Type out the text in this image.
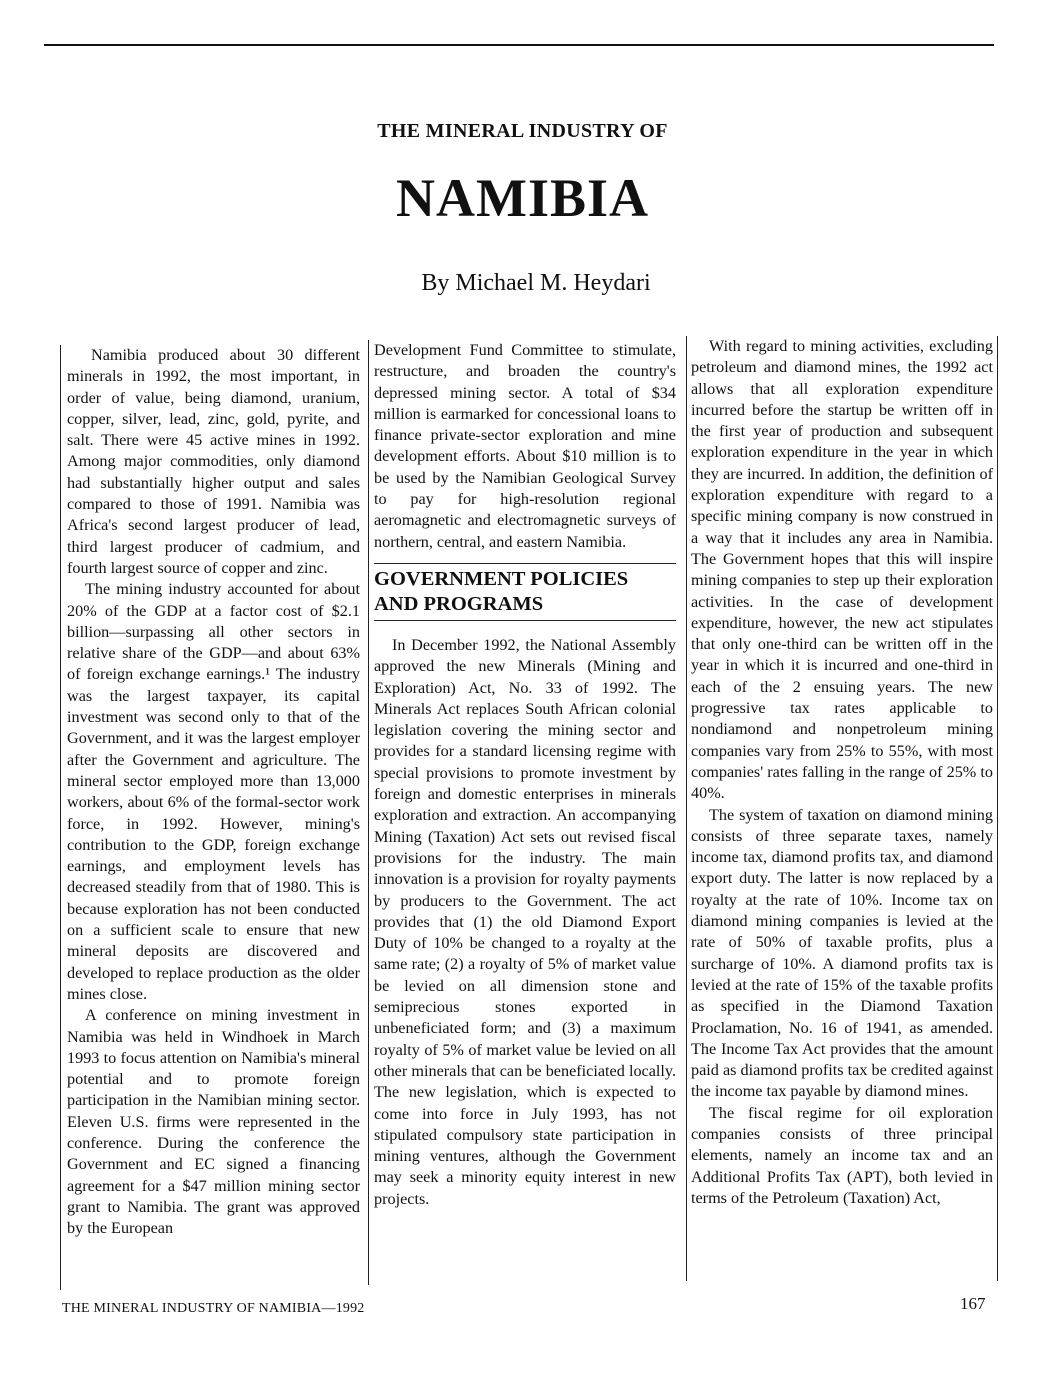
THE MINERAL INDUSTRY OF
NAMIBIA

By Michael M. Heydari

Namibia produced about 30 different minerals in 1992, the most important, in order of value, being diamond, uranium, copper, silver, lead, zinc, gold, pyrite, and salt. There were 45 active mines in 1992. Among major commodities, only diamond had substantially higher output and sales compared to those of 1991. Namibia was Africa's second largest producer of lead, third largest producer of cadmium, and fourth largest source of copper and zinc.

The mining industry accounted for about 20% of the GDP at a factor cost of $2.1 billion—surpassing all other sectors in relative share of the GDP—and about 63% of foreign exchange earnings.¹ The industry was the largest taxpayer, its capital investment was second only to that of the Government, and it was the largest employer after the Government and agriculture. The mineral sector employed more than 13,000 workers, about 6% of the formal-sector work force, in 1992. However, mining's contribution to the GDP, foreign exchange earnings, and employment levels has decreased steadily from that of 1980. This is because exploration has not been conducted on a sufficient scale to ensure that new mineral deposits are discovered and developed to replace production as the older mines close.

A conference on mining investment in Namibia was held in Windhoek in March 1993 to focus attention on Namibia's mineral potential and to promote foreign participation in the Namibian mining sector. Eleven U.S. firms were represented in the conference. During the conference the Government and EC signed a financing agreement for a $47 million mining sector grant to Namibia. The grant was approved by the European

Development Fund Committee to stimulate, restructure, and broaden the country's depressed mining sector. A total of $34 million is earmarked for concessional loans to finance private-sector exploration and mine development efforts. About $10 million is to be used by the Namibian Geological Survey to pay for high-resolution regional aeromagnetic and electromagnetic surveys of northern, central, and eastern Namibia.

GOVERNMENT POLICIES
AND PROGRAMS

In December 1992, the National Assembly approved the new Minerals (Mining and Exploration) Act, No. 33 of 1992. The Minerals Act replaces South African colonial legislation covering the mining sector and provides for a standard licensing regime with special provisions to promote investment by foreign and domestic enterprises in minerals exploration and extraction. An accompanying Mining (Taxation) Act sets out revised fiscal provisions for the industry. The main innovation is a provision for royalty payments by producers to the Government. The act provides that (1) the old Diamond Export Duty of 10% be changed to a royalty at the same rate; (2) a royalty of 5% of market value be levied on all dimension stone and semiprecious stones exported in unbeneficiated form; and (3) a maximum royalty of 5% of market value be levied on all other minerals that can be beneficiated locally. The new legislation, which is expected to come into force in July 1993, has not stipulated compulsory state participation in mining ventures, although the Government may seek a minority equity interest in new projects.

With regard to mining activities, excluding petroleum and diamond mines, the 1992 act allows that all exploration expenditure incurred before the startup be written off in the first year of production and subsequent exploration expenditure in the year in which they are incurred. In addition, the definition of exploration expenditure with regard to a specific mining company is now construed in a way that it includes any area in Namibia. The Government hopes that this will inspire mining companies to step up their exploration activities. In the case of development expenditure, however, the new act stipulates that only one-third can be written off in the year in which it is incurred and one-third in each of the 2 ensuing years. The new progressive tax rates applicable to nondiamond and nonpetroleum mining companies vary from 25% to 55%, with most companies' rates falling in the range of 25% to 40%.

The system of taxation on diamond mining consists of three separate taxes, namely income tax, diamond profits tax, and diamond export duty. The latter is now replaced by a royalty at the rate of 10%. Income tax on diamond mining companies is levied at the rate of 50% of taxable profits, plus a surcharge of 10%. A diamond profits tax is levied at the rate of 15% of the taxable profits as specified in the Diamond Taxation Proclamation, No. 16 of 1941, as amended. The Income Tax Act provides that the amount paid as diamond profits tax be credited against the income tax payable by diamond mines.

The fiscal regime for oil exploration companies consists of three principal elements, namely an income tax and an Additional Profits Tax (APT), both levied in terms of the Petroleum (Taxation) Act,

THE MINERAL INDUSTRY OF NAMIBIA—1992	167
